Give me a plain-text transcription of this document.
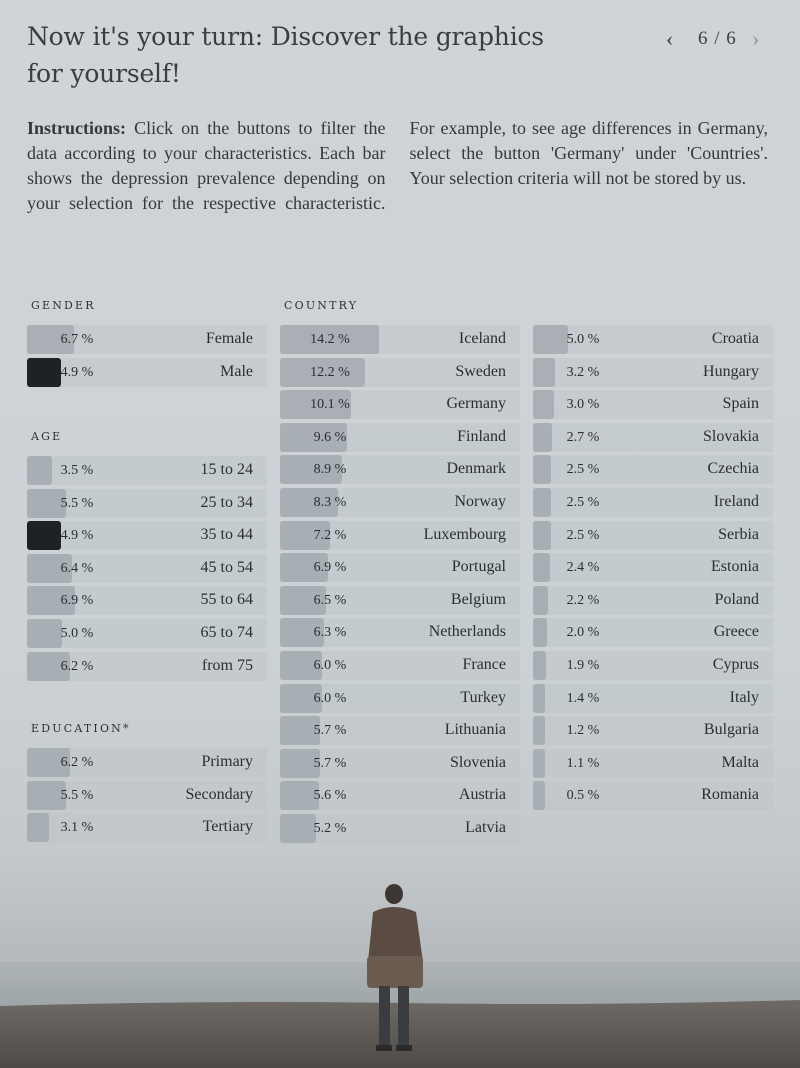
Now it's your turn: Discover the graphics for yourself!
‹ 6 / 6 ›

Instructions: Click on the buttons to filter the data according to your characteristics. Each bar shows the depression prevalence depending on your selection for the respective characteristic. For example, to see age differences in Germany, select the button 'Germany' under 'Countries'. Your selection criteria will not be stored by us.

GENDER
6.7 %	Female
4.9 %	Male
AGE
3.5 %	15 to 24
5.5 %	25 to 34
4.9 %	35 to 44
6.4 %	45 to 54
6.9 %	55 to 64
5.0 %	65 to 74
6.2 %	from 75
EDUCATION*
6.2 %	Primary
5.5 %	Secondary
3.1 %	Tertiary
COUNTRY
14.2 %	Iceland
12.2 %	Sweden
10.1 %	Germany
9.6 %	Finland
8.9 %	Denmark
8.3 %	Norway
7.2 %	Luxembourg
6.9 %	Portugal
6.5 %	Belgium
6.3 %	Netherlands
6.0 %	France
6.0 %	Turkey
5.7 %	Lithuania
5.7 %	Slovenia
5.6 %	Austria
5.2 %	Latvia
5.0 %	Croatia
3.2 %	Hungary
3.0 %	Spain
2.7 %	Slovakia
2.5 %	Czechia
2.5 %	Ireland
2.5 %	Serbia
2.4 %	Estonia
2.2 %	Poland
2.0 %	Greece
1.9 %	Cyprus
1.4 %	Italy
1.2 %	Bulgaria
1.1 %	Malta
0.5 %	Romania
